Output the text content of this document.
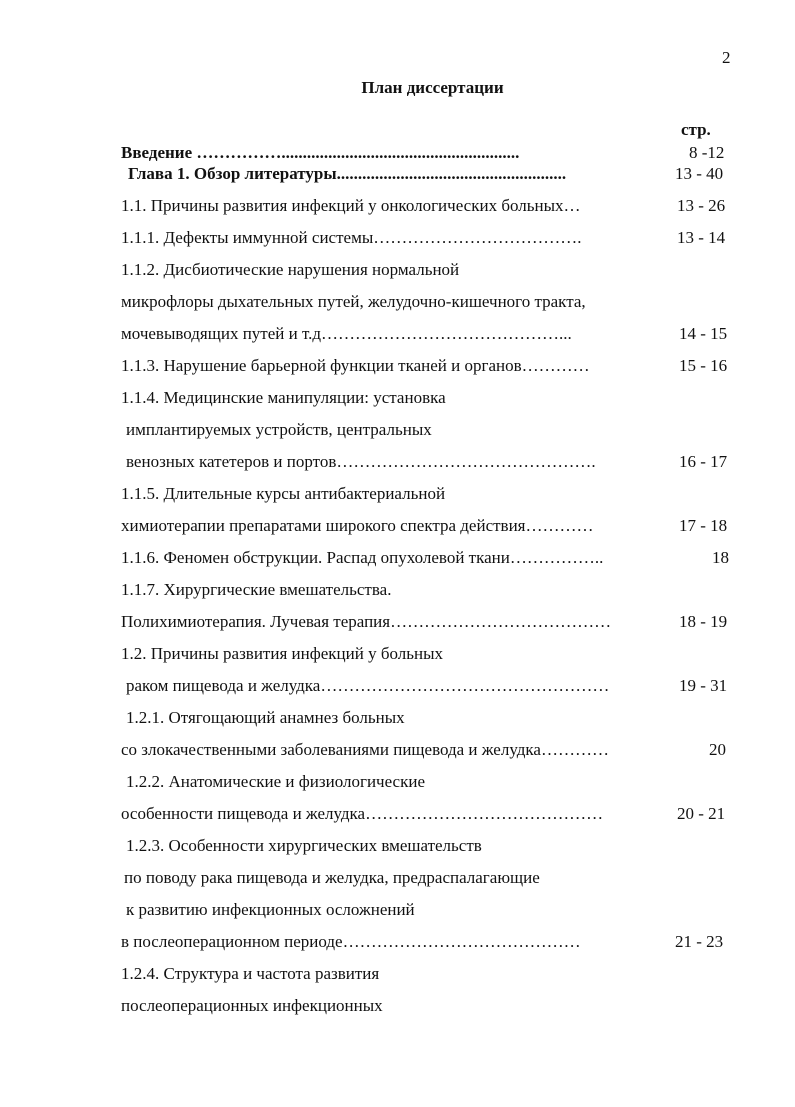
2
План диссертации
стр.
Введение ……………........................................................	8 -12
Глава 1. Обзор литературы......................................................	13 - 40
1.1. Причины развития инфекций у онкологических больных…	13 - 26
1.1.1. Дефекты иммунной системы……………………………….	13 - 14
1.1.2. Дисбиотические нарушения нормальной
микрофлоры дыхательных путей, желудочно-кишечного тракта,
мочевыводящих путей и т.д……………………………………...	14 - 15
1.1.3. Нарушение барьерной функции тканей и органов…………	15 - 16
1.1.4. Медицинские манипуляции: установка
имплантируемых устройств, центральных
венозных катетеров и портов……………………………………….	16 - 17
1.1.5. Длительные курсы антибактериальной
химиотерапии препаратами широкого спектра действия…………	17 - 18
1.1.6. Феномен обструкции. Распад опухолевой ткани……………..	18
1.1.7. Хирургические вмешательства.
Полихимиотерапия. Лучевая терапия…………………………………	18 - 19
1.2. Причины развития инфекций у больных
раком пищевода и желудка……………………………………………	19 - 31
1.2.1. Отягощающий анамнез больных
со злокачественными заболеваниями пищевода и желудка…………	20
1.2.2. Анатомические и физиологические
особенности пищевода и желудка……………………………………	20 - 21
1.2.3. Особенности хирургических вмешательств
по поводу рака пищевода и желудка, предраспалагающие
к развитию инфекционных осложнений
в послеоперационном периоде……………………………………	21 - 23
1.2.4. Структура и частота развития
послеоперационных инфекционных
